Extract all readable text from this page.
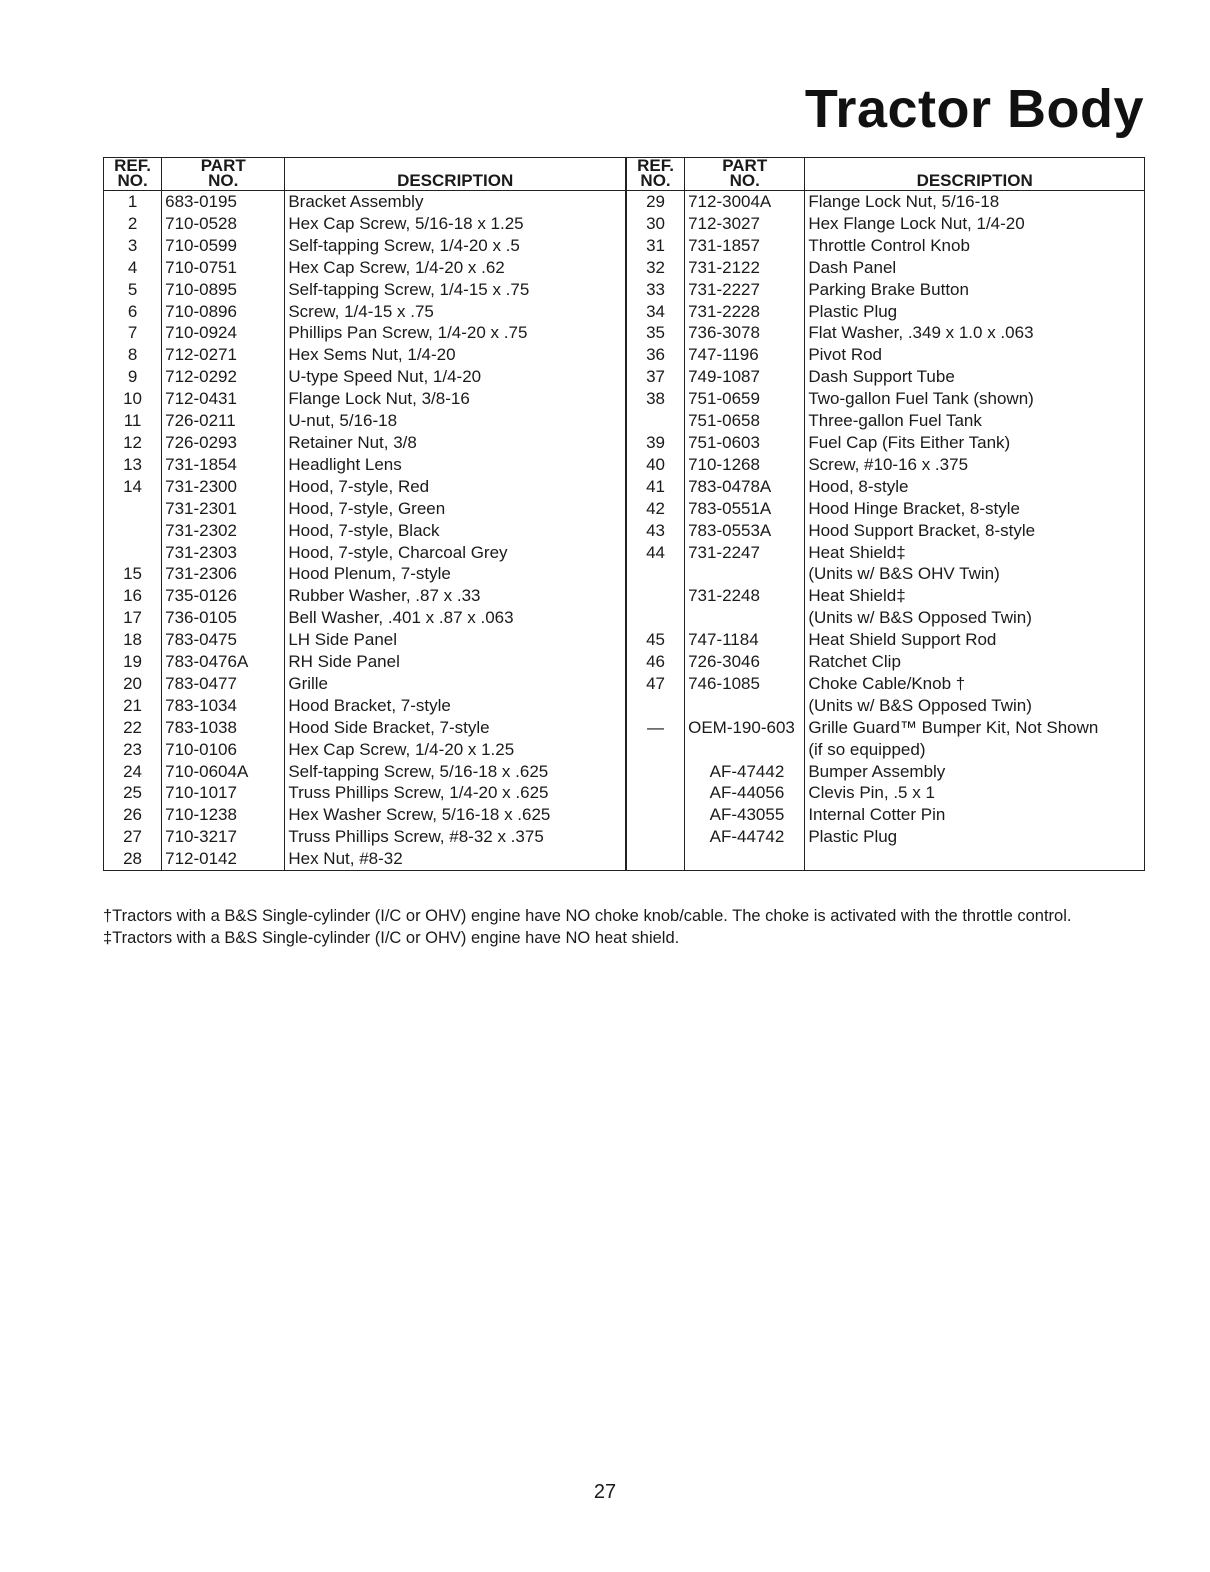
Tractor Body
REF.
NO.	PART
NO.	DESCRIPTION	REF.
NO.	PART
NO.	DESCRIPTION
1	683-0195	Bracket Assembly	29	712-3004A	Flange Lock Nut, 5/16-18
2	710-0528	Hex Cap Screw, 5/16-18 x 1.25	30	712-3027	Hex Flange Lock Nut, 1/4-20
3	710-0599	Self-tapping Screw, 1/4-20 x .5	31	731-1857	Throttle Control Knob
4	710-0751	Hex Cap Screw, 1/4-20 x .62	32	731-2122	Dash Panel
5	710-0895	Self-tapping Screw, 1/4-15 x .75	33	731-2227	Parking Brake Button
6	710-0896	Screw, 1/4-15 x .75	34	731-2228	Plastic Plug
7	710-0924	Phillips Pan Screw, 1/4-20 x .75	35	736-3078	Flat Washer, .349 x 1.0 x .063
8	712-0271	Hex Sems Nut, 1/4-20	36	747-1196	Pivot Rod
9	712-0292	U-type Speed Nut, 1/4-20	37	749-1087	Dash Support Tube
10	712-0431	Flange Lock Nut, 3/8-16	38	751-0659	Two-gallon Fuel Tank (shown)
11	726-0211	U-nut, 5/16-18		751-0658	Three-gallon Fuel Tank
12	726-0293	Retainer Nut, 3/8	39	751-0603	Fuel Cap (Fits Either Tank)
13	731-1854	Headlight Lens	40	710-1268	Screw, #10-16 x .375
14	731-2300	Hood, 7-style, Red	41	783-0478A	Hood, 8-style
	731-2301	Hood, 7-style, Green	42	783-0551A	Hood Hinge Bracket, 8-style
	731-2302	Hood, 7-style, Black	43	783-0553A	Hood Support Bracket, 8-style
	731-2303	Hood, 7-style, Charcoal Grey	44	731-2247	Heat Shield‡
15	731-2306	Hood Plenum, 7-style			(Units w/ B&S OHV Twin)
16	735-0126	Rubber Washer, .87 x .33		731-2248	Heat Shield‡
17	736-0105	Bell Washer, .401 x .87 x .063			(Units w/ B&S Opposed Twin)
18	783-0475	LH Side Panel	45	747-1184	Heat Shield Support Rod
19	783-0476A	RH Side Panel	46	726-3046	Ratchet Clip
20	783-0477	Grille	47	746-1085	Choke Cable/Knob †
21	783-1034	Hood Bracket, 7-style			(Units w/ B&S Opposed Twin)
22	783-1038	Hood Side Bracket, 7-style	—	OEM-190-603	Grille Guard™ Bumper Kit, Not Shown
23	710-0106	Hex Cap Screw, 1/4-20 x 1.25			(if so equipped)
24	710-0604A	Self-tapping Screw, 5/16-18 x .625		AF-47442	Bumper Assembly
25	710-1017	Truss Phillips Screw, 1/4-20 x .625		AF-44056	Clevis Pin, .5 x 1
26	710-1238	Hex Washer Screw, 5/16-18 x .625		AF-43055	Internal Cotter Pin
27	710-3217	Truss Phillips Screw, #8-32 x .375		AF-44742	Plastic Plug
28	712-0142	Hex Nut, #8-32			

†Tractors with a B&S Single-cylinder (I/C or OHV) engine have NO choke knob/cable. The choke is activated with the throttle control.

‡Tractors with a B&S Single-cylinder (I/C or OHV) engine have NO heat shield.

27
